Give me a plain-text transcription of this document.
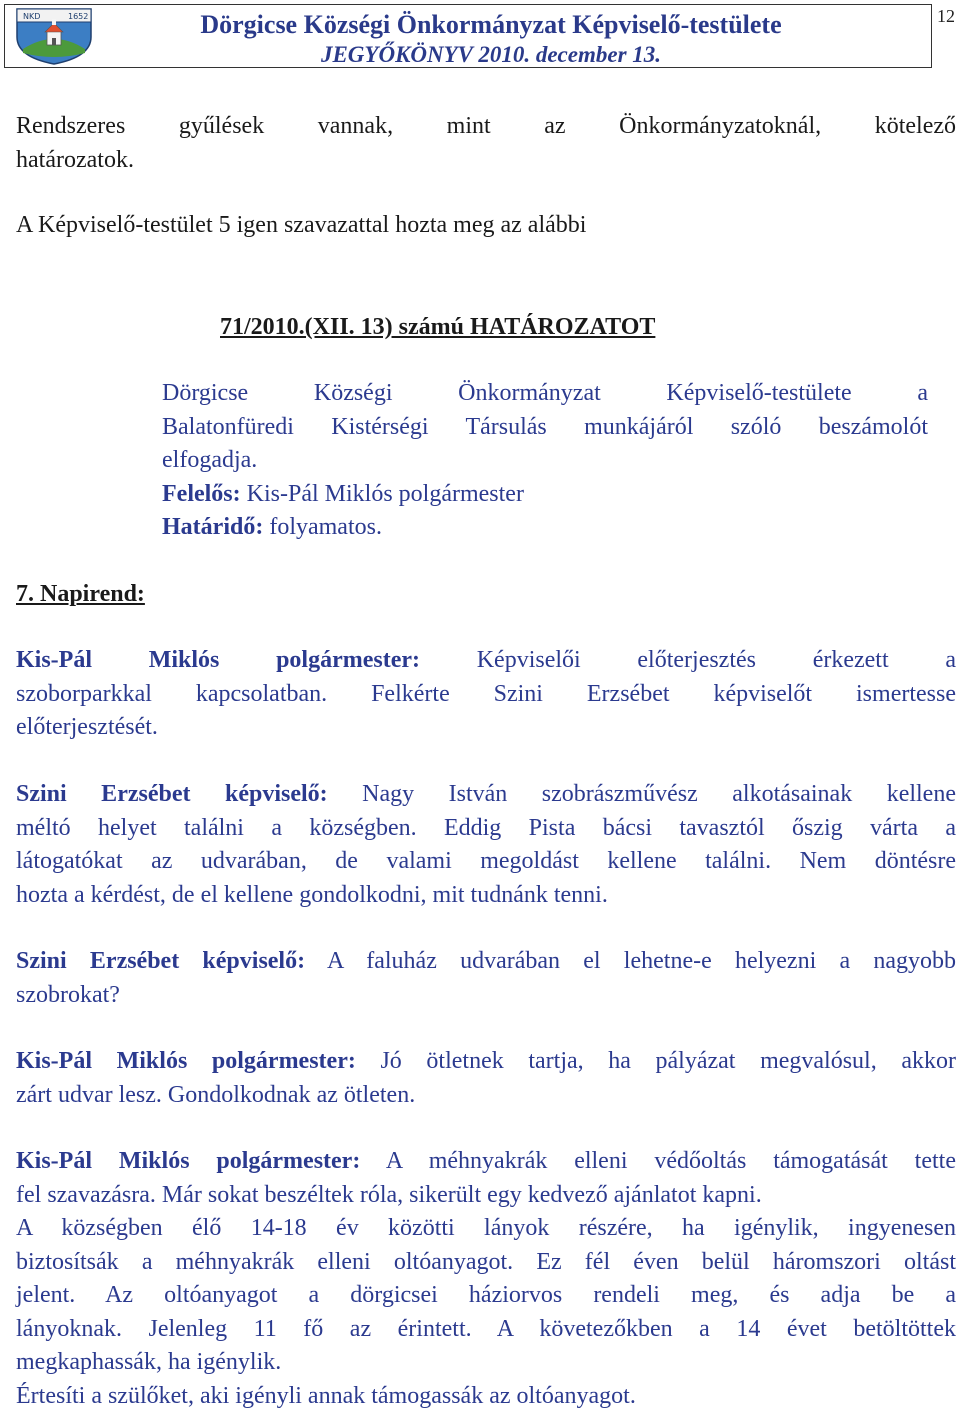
NKD	1652	Dörgicse Községi Önkormányzat Képviselő-testülete
JEGYŐKÖNYV 2010. december 13.
12
Rendszeres gyűlések vannak, mint az Önkormányzatoknál, kötelező
határozatok.
A Képviselő-testület 5 igen szavazattal hozta meg az alábbi
71/2010.(XII. 13) számú HATÁROZATOT
Dörgicse Községi Önkormányzat Képviselő-testülete a
Balatonfüredi Kistérségi Társulás munkájáról szóló beszámolót
elfogadja.
Felelős: Kis-Pál Miklós polgármester
Határidő: folyamatos.
7. Napirend:
Kis-Pál Miklós polgármester: Képviselői előterjesztés érkezett a
szoborparkkal kapcsolatban. Felkérte Szini Erzsébet képviselőt ismertesse
előterjesztését.
Szini Erzsébet képviselő: Nagy István szobrászművész alkotásainak kellene
méltó helyet találni a községben. Eddig Pista bácsi tavasztól őszig várta a
látogatókat az udvarában, de valami megoldást kellene találni. Nem döntésre
hozta a kérdést, de el kellene gondolkodni, mit tudnánk tenni.
Szini Erzsébet képviselő: A faluház udvarában el lehetne-e helyezni a nagyobb
szobrokat?
Kis-Pál Miklós polgármester: Jó ötletnek tartja, ha pályázat megvalósul, akkor
zárt udvar lesz. Gondolkodnak az ötleten.
Kis-Pál Miklós polgármester: A méhnyakrák elleni védőoltás támogatását tette
fel szavazásra. Már sokat beszéltek róla, sikerült egy kedvező ajánlatot kapni.
A községben élő 14-18 év közötti lányok részére, ha igénylik, ingyenesen
biztosítsák a méhnyakrák elleni oltóanyagot. Ez fél éven belül háromszori oltást
jelent. Az oltóanyagot a dörgicsei háziorvos rendeli meg, és adja be a
lányoknak. Jelenleg 11 fő az érintett. A követezőkben a 14 évet betöltöttek
megkaphassák, ha igénylik.
Értesíti a szülőket, aki igényli annak támogassák az oltóanyagot.
